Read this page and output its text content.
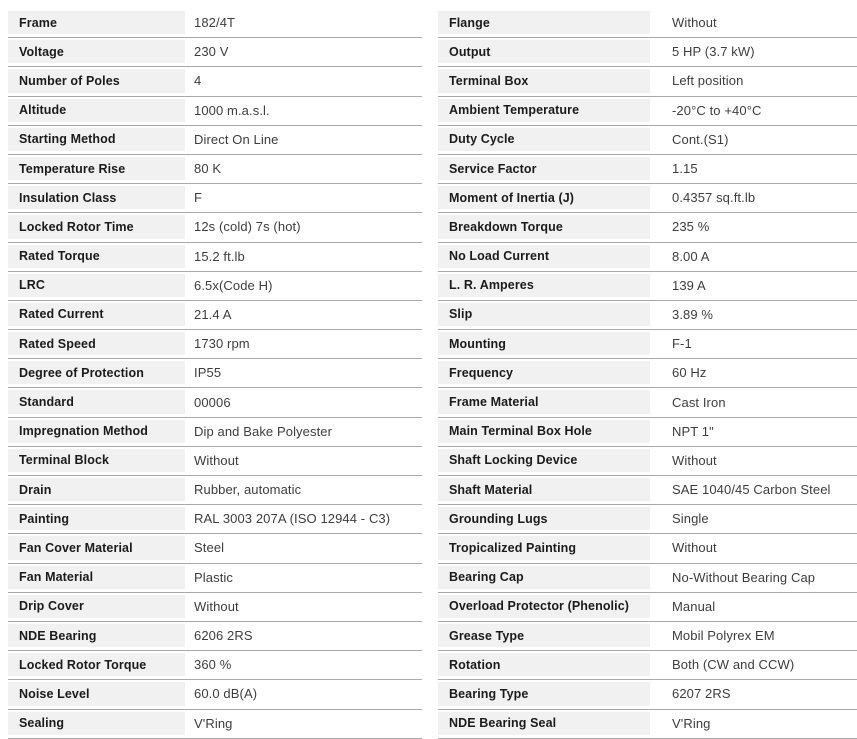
Frame	182/4T
Voltage	230 V
Number of Poles	4
Altitude	1000 m.a.s.l.
Starting Method	Direct On Line
Temperature Rise	80 K
Insulation Class	F
Locked Rotor Time	12s (cold) 7s (hot)
Rated Torque	15.2 ft.lb
LRC	6.5x(Code H)
Rated Current	21.4 A
Rated Speed	1730 rpm
Degree of Protection	IP55
Standard	00006
Impregnation Method	Dip and Bake Polyester
Terminal Block	Without
Drain	Rubber, automatic
Painting	RAL 3003 207A (ISO 12944 - C3)
Fan Cover Material	Steel
Fan Material	Plastic
Drip Cover	Without
NDE Bearing	6206 2RS
Locked Rotor Torque	360 %
Noise Level	60.0 dB(A)
Sealing	V'Ring
Flange	Without
Output	5 HP (3.7 kW)
Terminal Box	Left position
Ambient Temperature	-20°C to +40°C
Duty Cycle	Cont.(S1)
Service Factor	1.15
Moment of Inertia (J)	0.4357 sq.ft.lb
Breakdown Torque	235 %
No Load Current	8.00 A
L. R. Amperes	139 A
Slip	3.89 %
Mounting	F-1
Frequency	60 Hz
Frame Material	Cast Iron
Main Terminal Box Hole	NPT 1"
Shaft Locking Device	Without
Shaft Material	SAE 1040/45 Carbon Steel
Grounding Lugs	Single
Tropicalized Painting	Without
Bearing Cap	No-Without Bearing Cap
Overload Protector (Phenolic)	Manual
Grease Type	Mobil Polyrex EM
Rotation	Both (CW and CCW)
Bearing Type	6207 2RS
NDE Bearing Seal	V'Ring
